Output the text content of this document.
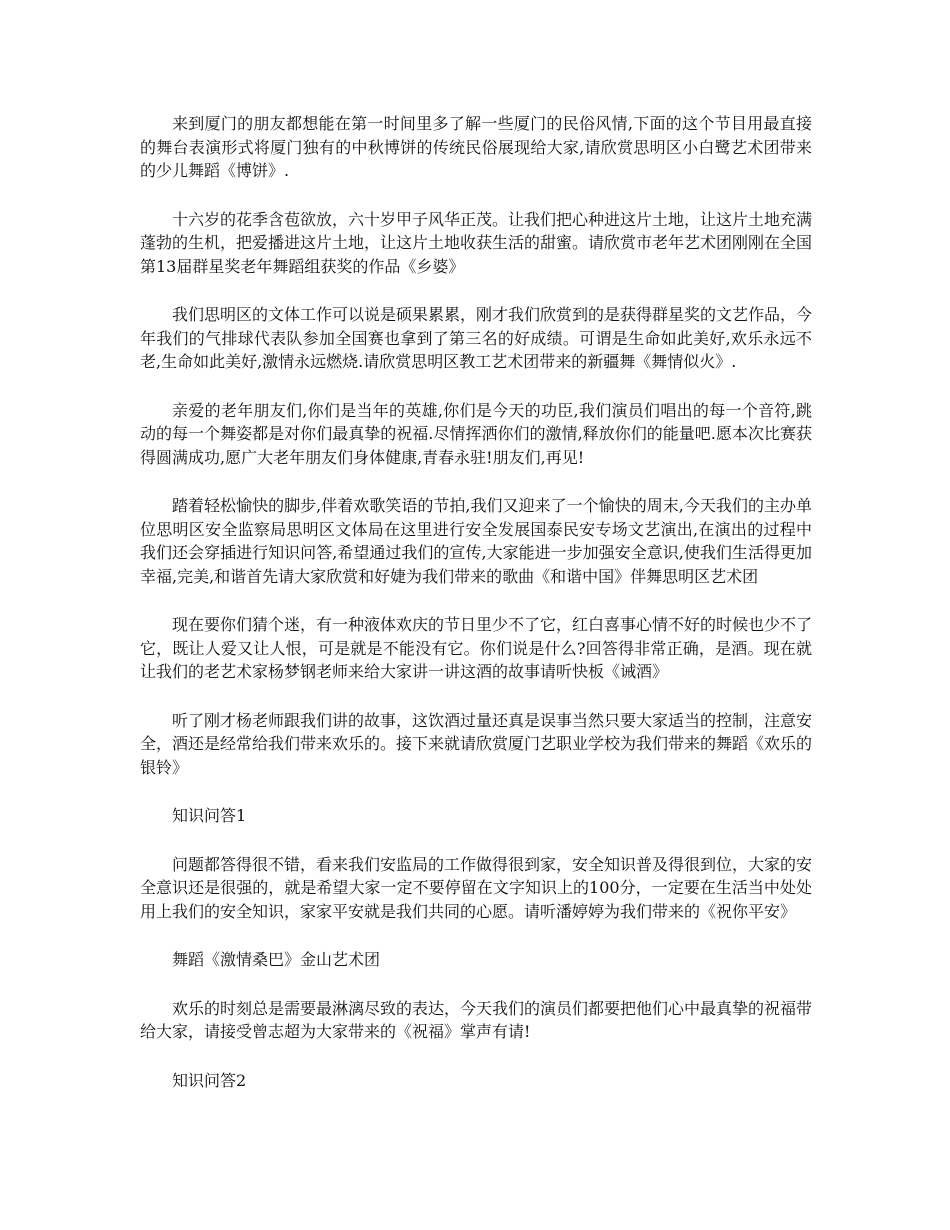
来到厦门的朋友都想能在第一时间里多了解一些厦门的民俗风情,下面的这个节目用最直接的舞台表演形式将厦门独有的中秋博饼的传统民俗展现给大家,请欣赏思明区小白鹭艺术团带来的少儿舞蹈《博饼》.

十六岁的花季含苞欲放，六十岁甲子风华正茂。让我们把心种进这片土地，让这片土地充满蓬勃的生机，把爱播进这片土地，让这片土地收获生活的甜蜜。请欣赏市老年艺术团刚刚在全国第13届群星奖老年舞蹈组获奖的作品《乡婆》

我们思明区的文体工作可以说是硕果累累，刚才我们欣赏到的是获得群星奖的文艺作品，今年我们的气排球代表队参加全国赛也拿到了第三名的好成绩。可谓是生命如此美好,欢乐永远不老,生命如此美好,激情永远燃烧.请欣赏思明区教工艺术团带来的新疆舞《舞情似火》.

亲爱的老年朋友们,你们是当年的英雄,你们是今天的功臣,我们演员们唱出的每一个音符,跳动的每一个舞姿都是对你们最真挚的祝福.尽情挥洒你们的激情,释放你们的能量吧.愿本次比赛获得圆满成功,愿广大老年朋友们身体健康,青春永驻!朋友们,再见!

踏着轻松愉快的脚步,伴着欢歌笑语的节拍,我们又迎来了一个愉快的周末,今天我们的主办单位思明区安全监察局思明区文体局在这里进行安全发展国泰民安专场文艺演出,在演出的过程中我们还会穿插进行知识问答,希望通过我们的宣传,大家能进一步加强安全意识,使我们生活得更加幸福,完美,和谐首先请大家欣赏和好婕为我们带来的歌曲《和谐中国》伴舞思明区艺术团

现在要你们猜个迷，有一种液体欢庆的节日里少不了它，红白喜事心情不好的时候也少不了它，既让人爱又让人恨，可是就是不能没有它。你们说是什么?回答得非常正确，是酒。现在就让我们的老艺术家杨梦钢老师来给大家讲一讲这酒的故事请听快板《诫酒》

听了刚才杨老师跟我们讲的故事，这饮酒过量还真是误事当然只要大家适当的控制，注意安全，酒还是经常给我们带来欢乐的。接下来就请欣赏厦门艺职业学校为我们带来的舞蹈《欢乐的银铃》

知识问答1

问题都答得很不错，看来我们安监局的工作做得很到家，安全知识普及得很到位，大家的安全意识还是很强的，就是希望大家一定不要停留在文字知识上的100分，一定要在生活当中处处用上我们的安全知识，家家平安就是我们共同的心愿。请听潘婷婷为我们带来的《祝你平安》

舞蹈《激情桑巴》金山艺术团

欢乐的时刻总是需要最淋漓尽致的表达，今天我们的演员们都要把他们心中最真挚的祝福带给大家，请接受曾志超为大家带来的《祝福》掌声有请!

知识问答2
